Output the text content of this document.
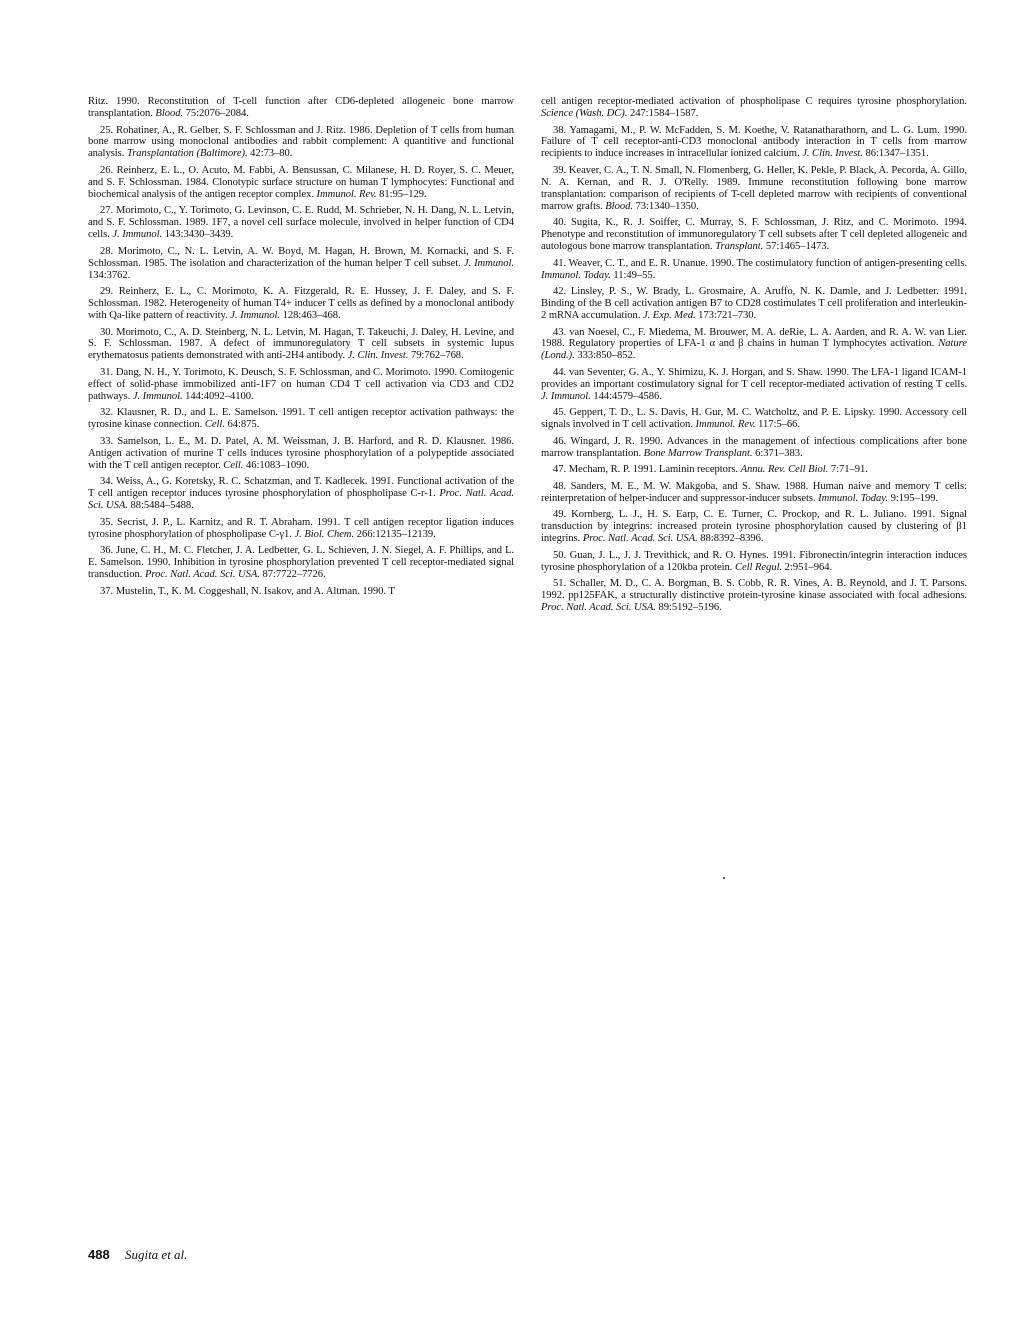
Ritz. 1990. Reconstitution of T-cell function after CD6-depleted allogeneic bone marrow transplantation. Blood. 75:2076–2084.

25. Rohatiner, A., R. Gelber, S. F. Schlossman and J. Ritz. 1986. Depletion of T cells from human bone marrow using monoclonal antibodies and rabbit complement: A quantitive and functional analysis. Transplantation (Baltimore). 42:73–80.

26. Reinherz, E. L., O. Acuto, M. Fabbi, A. Bensussan, C. Milanese, H. D. Royer, S. C. Meuer, and S. F. Schlossman. 1984. Clonotypic surface structure on human T lymphocytes: Functional and biochemical analysis of the antigen receptor complex. Immunol. Rev. 81:95–129.

27. Morimoto, C., Y. Torimoto, G. Levinson, C. E. Rudd, M. Schrieber, N. H. Dang, N. L. Letvin, and S. F. Schlossman. 1989. 1F7, a novel cell surface molecule, involved in helper function of CD4 cells. J. Immunol. 143:3430–3439.

28. Morimoto, C., N. L. Letvin, A. W. Boyd, M. Hagan, H. Brown, M. Kornacki, and S. F. Schlossman. 1985. The isolation and characterization of the human helper T cell subset. J. Immunol. 134:3762.

29. Reinherz, E. L., C. Morimoto, K. A. Fitzgerald, R. E. Hussey, J. F. Daley, and S. F. Schlossman. 1982. Heterogeneity of human T4+ inducer T cells as defined by a monoclonal antibody with Qa-like pattern of reactivity. J. Immunol. 128:463–468.

30. Morimoto, C., A. D. Steinberg, N. L. Letvin, M. Hagan, T. Takeuchi, J. Daley, H. Levine, and S. F. Schlossman. 1987. A defect of immunoregulatory T cell subsets in systemic lupus erythematosus patients demonstrated with anti-2H4 antibody. J. Clin. Invest. 79:762–768.

31. Dang, N. H., Y. Torimoto, K. Deusch, S. F. Schlossman, and C. Morimoto. 1990. Comitogenic effect of solid-phase immobilized anti-1F7 on human CD4 T cell activation via CD3 and CD2 pathways. J. Immunol. 144:4092–4100.

32. Klausner, R. D., and L. E. Samelson. 1991. T cell antigen receptor activation pathways: the tyrosine kinase connection. Cell. 64:875.

33. Samelson, L. E., M. D. Patel, A. M. Weissman, J. B. Harford, and R. D. Klausner. 1986. Antigen activation of murine T cells induces tyrosine phosphorylation of a polypeptide associated with the T cell antigen receptor. Cell. 46:1083–1090.

34. Weiss, A., G. Koretsky, R. C. Schatzman, and T. Kadlecek. 1991. Functional activation of the T cell antigen receptor induces tyrosine phosphorylation of phospholipase C-r-1. Proc. Natl. Acad. Sci. USA. 88:5484–5488.

35. Secrist, J. P., L. Karnitz, and R. T. Abraham. 1991. T cell antigen receptor ligation induces tyrosine phosphorylation of phospholipase C-γ1. J. Biol. Chem. 266:12135–12139.

36. June, C. H., M. C. Fletcher, J. A. Ledbetter, G. L. Schieven, J. N. Siegel, A. F. Phillips, and L. E. Samelson. 1990. Inhibition in tyrosine phosphorylation prevented T cell receptor-mediated signal transduction. Proc. Natl. Acad. Sci. USA. 87:7722–7726.

37. Mustelin, T., K. M. Coggeshall, N. Isakov, and A. Altman. 1990. T

cell antigen receptor-mediated activation of phospholipase C requires tyrosine phosphorylation. Science (Wash. DC). 247:1584–1587.

38. Yamagami, M., P. W. McFadden, S. M. Koethe, V. Ratanatharathorn, and L. G. Lum. 1990. Failure of T cell receptor-anti-CD3 monoclonal antibody interaction in T cells from marrow recipients to induce increases in intracellular ionized calcium. J. Clin. Invest. 86:1347–1351.

39. Keaver, C. A., T. N. Small, N. Flomenberg, G. Heller, K. Pekle, P. Black, A. Pecorda, A. Gillo, N. A. Kernan, and R. J. O'Relly. 1989. Immune reconstitution following bone marrow transplantation: comparison of recipients of T-cell depleted marrow with recipients of conventional marrow grafts. Blood. 73:1340–1350.

40. Sugita, K., R. J. Soiffer, C. Murray, S. F. Schlossman, J. Ritz, and C. Morimoto. 1994. Phenotype and reconstitution of immunoregulatory T cell subsets after T cell depleted allogeneic and autologous bone marrow transplantation. Transplant. 57:1465–1473.

41. Weaver, C. T., and E. R. Unanue. 1990. The costimulatory function of antigen-presenting cells. Immunol. Today. 11:49–55.

42. Linsley, P. S., W. Brady, L. Grosmaire, A. Aruffo, N. K. Damle, and J. Ledbetter. 1991. Binding of the B cell activation antigen B7 to CD28 costimulates T cell proliferation and interleukin-2 mRNA accumulation. J. Exp. Med. 173:721–730.

43. van Noesel, C., F. Miedema, M. Brouwer, M. A. deRie, L. A. Aarden, and R. A. W. van Lier. 1988. Regulatory properties of LFA-1 α and β chains in human T lymphocytes activation. Nature (Lond.). 333:850–852.

44. van Seventer, G. A., Y. Shimizu, K. J. Horgan, and S. Shaw. 1990. The LFA-1 ligand ICAM-1 provides an important costimulatory signal for T cell receptor-mediated activation of resting T cells. J. Immunol. 144:4579–4586.

45. Geppert, T. D., L. S. Davis, H. Gur, M. C. Watcholtz, and P. E. Lipsky. 1990. Accessory cell signals involved in T cell activation. Immunol. Rev. 117:5–66.

46. Wingard, J. R. 1990. Advances in the management of infectious complications after bone marrow transplantation. Bone Marrow Transplant. 6:371–383.

47. Mecham, R. P. 1991. Laminin receptors. Annu. Rev. Cell Biol. 7:71–91.

48. Sanders, M. E., M. W. Makgoba, and S. Shaw. 1988. Human naive and memory T cells: reinterpretation of helper-inducer and suppressor-inducer subsets. Immunol. Today. 9:195–199.

49. Kornberg, L. J., H. S. Earp, C. E. Turner, C. Prockop, and R. L. Juliano. 1991. Signal transduction by integrins: increased protein tyrosine phosphorylation caused by clustering of β1 integrins. Proc. Natl. Acad. Sci. USA. 88:8392–8396.

50. Guan, J. L., J. J. Trevithick, and R. O. Hynes. 1991. Fibronectin/integrin interaction induces tyrosine phosphorylation of a 120kba protein. Cell Regul. 2:951–964.

51. Schaller, M. D., C. A. Borgman, B. S. Cobb, R. R. Vines, A. B. Reynold, and J. T. Parsons. 1992. pp125FAK, a structurally distinctive protein-tyrosine kinase associated with focal adhesions. Proc. Natl. Acad. Sci. USA. 89:5192–5196.

488 Sugita et al.
